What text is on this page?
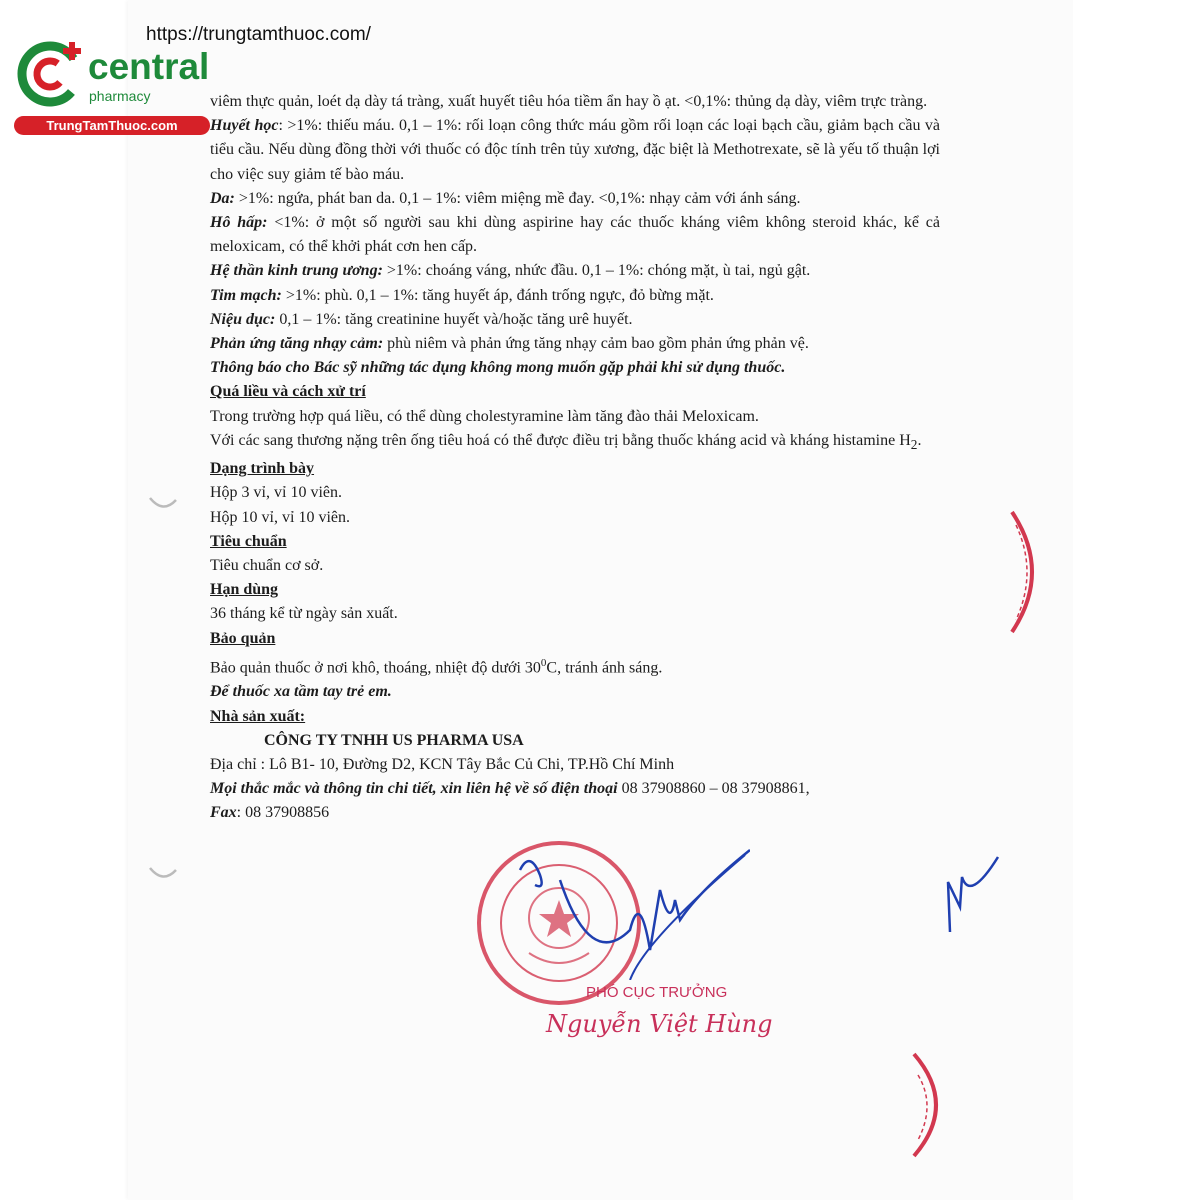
https://trungtamthuoc.com/
central
pharmacy
TrungTamThuoc.com

viêm thực quản, loét dạ dày tá tràng, xuất huyết tiêu hóa tiềm ẩn hay ồ ạt. <0,1%: thủng dạ dày, viêm trực tràng.

Huyết học: >1%: thiếu máu. 0,1 – 1%: rối loạn công thức máu gồm rối loạn các loại bạch cầu, giảm bạch cầu và tiểu cầu. Nếu dùng đồng thời với thuốc có độc tính trên tủy xương, đặc biệt là Methotrexate, sẽ là yếu tố thuận lợi cho việc suy giảm tế bào máu.

Da: >1%: ngứa, phát ban da. 0,1 – 1%: viêm miệng mề đay. <0,1%: nhạy cảm với ánh sáng.

Hô hấp: <1%: ở một số người sau khi dùng aspirine hay các thuốc kháng viêm không steroid khác, kể cả meloxicam, có thể khởi phát cơn hen cấp.

Hệ thần kinh trung ương: >1%: choáng váng, nhức đầu. 0,1 – 1%: chóng mặt, ù tai, ngủ gật.

Tim mạch: >1%: phù. 0,1 – 1%: tăng huyết áp, đánh trống ngực, đỏ bừng mặt.

Niệu dục: 0,1 – 1%: tăng creatinine huyết và/hoặc tăng urê huyết.

Phản ứng tăng nhạy cảm: phù niêm và phản ứng tăng nhạy cảm bao gồm phản ứng phản vệ.

Thông báo cho Bác sỹ những tác dụng không mong muốn gặp phải khi sử dụng thuốc.

Quá liều và cách xử trí

Trong trường hợp quá liều, có thể dùng cholestyramine làm tăng đào thải Meloxicam.

Với các sang thương nặng trên ống tiêu hoá có thể được điều trị bằng thuốc kháng acid và kháng histamine $H_2$.

Dạng trình bày

Hộp 3 vỉ, vỉ 10 viên.

Hộp 10 vỉ, vỉ 10 viên.

Tiêu chuẩn

Tiêu chuẩn cơ sở.

Hạn dùng

36 tháng kể từ ngày sản xuất.

Bảo quản

Bảo quản thuốc ở nơi khô, thoáng, nhiệt độ dưới $30^0C$, tránh ánh sáng.

Để thuốc xa tầm tay trẻ em.

Nhà sản xuất:

CÔNG TY TNHH US PHARMA USA

Địa chỉ : Lô B1- 10, Đường D2, KCN Tây Bắc Củ Chi, TP.Hồ Chí Minh

Mọi thắc mắc và thông tin chi tiết, xin liên hệ về số điện thoại 08 37908860 – 08 37908861,

Fax: 08 37908856

PHÓ CỤC TRƯỞNG
Nguyễn Việt Hùng
